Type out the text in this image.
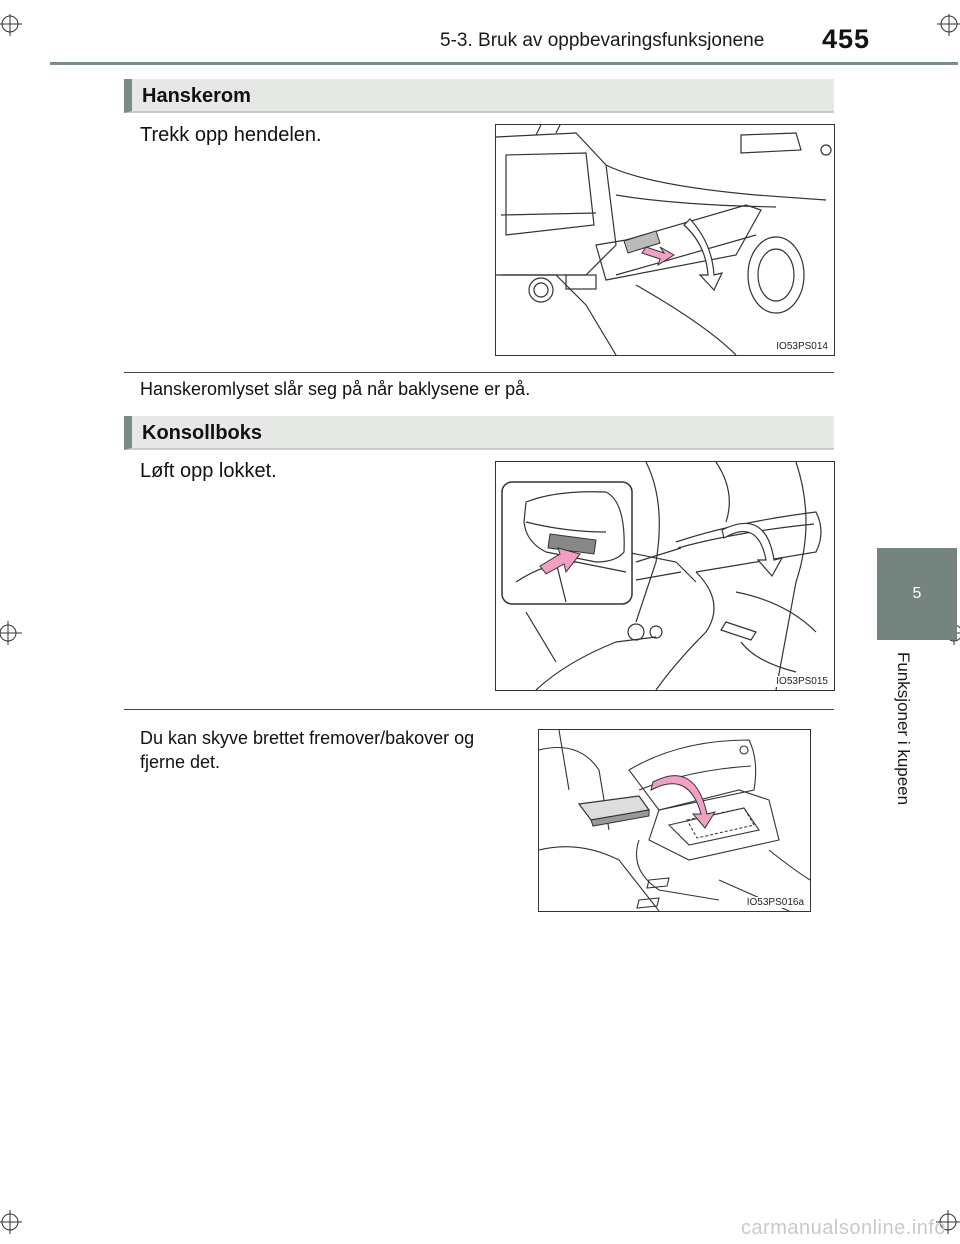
5-3. Bruk av oppbevaringsfunksjonene 455
5
Funksjoner i kupeen
Hanskerom
Trekk opp hendelen.
IO53PS014
Hanskeromlyset slår seg på når baklysene er på.
Konsollboks
Løft opp lokket.
IO53PS015
Du kan skyve brettet fremover/bakover og
fjerne det.
IO53PS016a
carmanualsonline.info
